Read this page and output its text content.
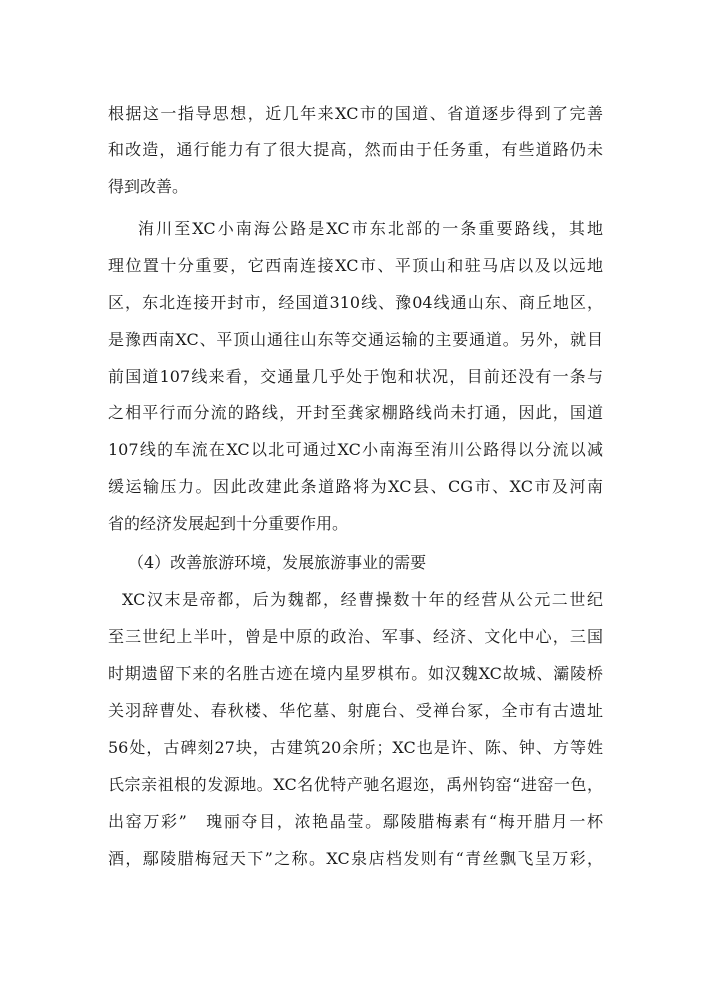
根据这一指导思想，近几年来XC市的国道、省道逐步得到了完善
和改造，通行能力有了很大提高，然而由于任务重，有些道路仍未
得到改善。
洧川至XC小南海公路是XC市东北部的一条重要路线，其地
理位置十分重要，它西南连接XC市、平顶山和驻马店以及以远地
区，东北连接开封市，经国道310线、豫04线通山东、商丘地区，
是豫西南XC、平顶山通往山东等交通运输的主要通道。另外，就目
前国道107线来看，交通量几乎处于饱和状况，目前还没有一条与
之相平行而分流的路线，开封至龚家棚路线尚未打通，因此，国道
107线的车流在XC以北可通过XC小南海至洧川公路得以分流以减
缓运输压力。因此改建此条道路将为XC县、CG市、XC市及河南
省的经济发展起到十分重要作用。
（4）改善旅游环境，发展旅游事业的需要
XC汉末是帝都，后为魏都，经曹操数十年的经营从公元二世纪
至三世纪上半叶，曾是中原的政治、军事、经济、文化中心，三国
时期遗留下来的名胜古迹在境内星罗棋布。如汉魏XC故城、灞陵桥
关羽辞曹处、春秋楼、华佗墓、射鹿台、受禅台冢，全市有古遗址
56处，古碑刻27块，古建筑20余所；XC也是许、陈、钟、方等姓
氏宗亲祖根的发源地。XC名优特产驰名遐迩，禹州钧窑“进窑一色，
出窑万彩”　瑰丽夺目，浓艳晶莹。鄢陵腊梅素有“梅开腊月一杯
酒，鄢陵腊梅冠天下”之称。XC泉店档发则有“青丝飘飞呈万彩，
